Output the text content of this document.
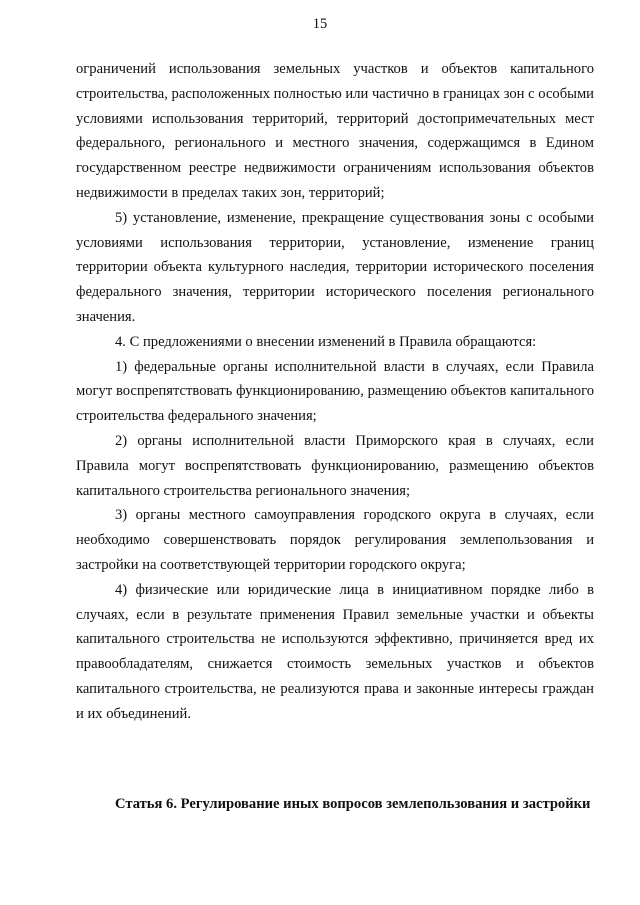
15

ограничений использования земельных участков и объектов капитального строительства, расположенных полностью или частично в границах зон с особыми условиями использования территорий, территорий достопримечательных мест федерального, регионального и местного значения, содержащимся в Едином государственном реестре недвижимости ограничениям использования объектов недвижимости в пределах таких зон, территорий;

5) установление, изменение, прекращение существования зоны с особыми условиями использования территории, установление, изменение границ территории объекта культурного наследия, территории исторического поселения федерального значения, территории исторического поселения регионального значения.

4. С предложениями о внесении изменений в Правила обращаются:

1) федеральные органы исполнительной власти в случаях, если Правила могут воспрепятствовать функционированию, размещению объектов капитального строительства федерального значения;

2) органы исполнительной власти Приморского края в случаях, если Правила могут воспрепятствовать функционированию, размещению объектов капитального строительства регионального значения;

3) органы местного самоуправления городского округа в случаях, если необходимо совершенствовать порядок регулирования землепользования и застройки на соответствующей территории городского округа;

4) физические или юридические лица в инициативном порядке либо в случаях, если в результате применения Правил земельные участки и объекты капитального строительства не используются эффективно, причиняется вред их правообладателям, снижается стоимость земельных участков и объектов капитального строительства, не реализуются права и законные интересы граждан и их объединений.

Статья 6. Регулирование иных вопросов землепользования и застройки
